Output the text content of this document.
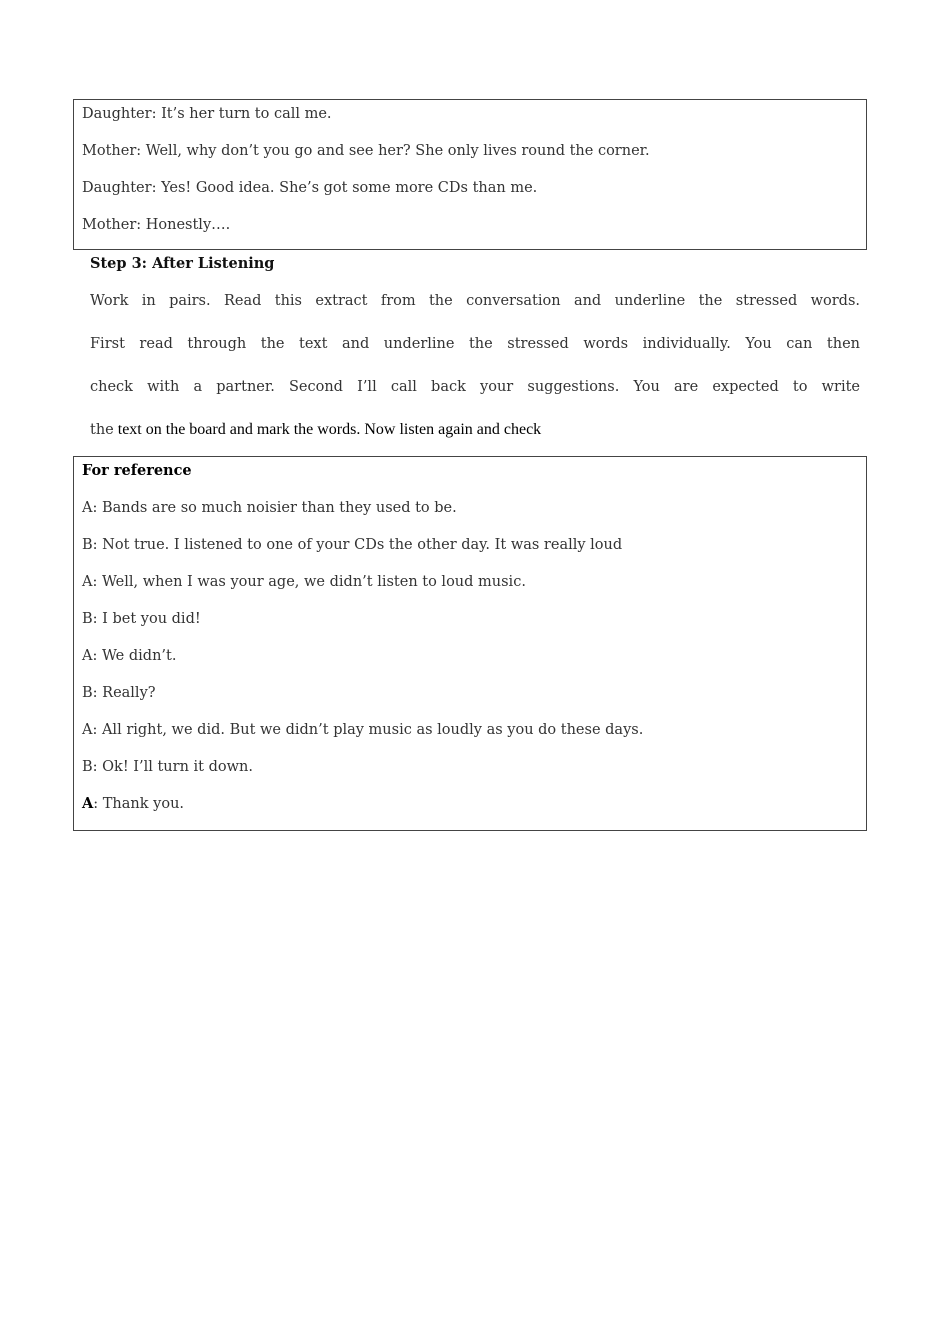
Daughter: It’s her turn to call me.
Mother: Well, why don’t you go and see her? She only lives round the corner.
Daughter: Yes! Good idea. She’s got some more CDs than me.
Mother: Honestly….
Step 3: After Listening
Work in pairs. Read this extract from the conversation and underline the stressed words.
First read through the text and underline the stressed words individually. You can then
check with a partner. Second I’ll call back your suggestions. You are expected to write
the text on the board and mark the words. Now listen again and check
For reference
A: Bands are so much noisier than they used to be.
B: Not true. I listened to one of your CDs the other day. It was really loud
A: Well, when I was your age, we didn’t listen to loud music.
B: I bet you did!
A: We didn’t.
B: Really?
A: All right, we did. But we didn’t play music as loudly as you do these days.
B: Ok! I’ll turn it down.
A: Thank you.
